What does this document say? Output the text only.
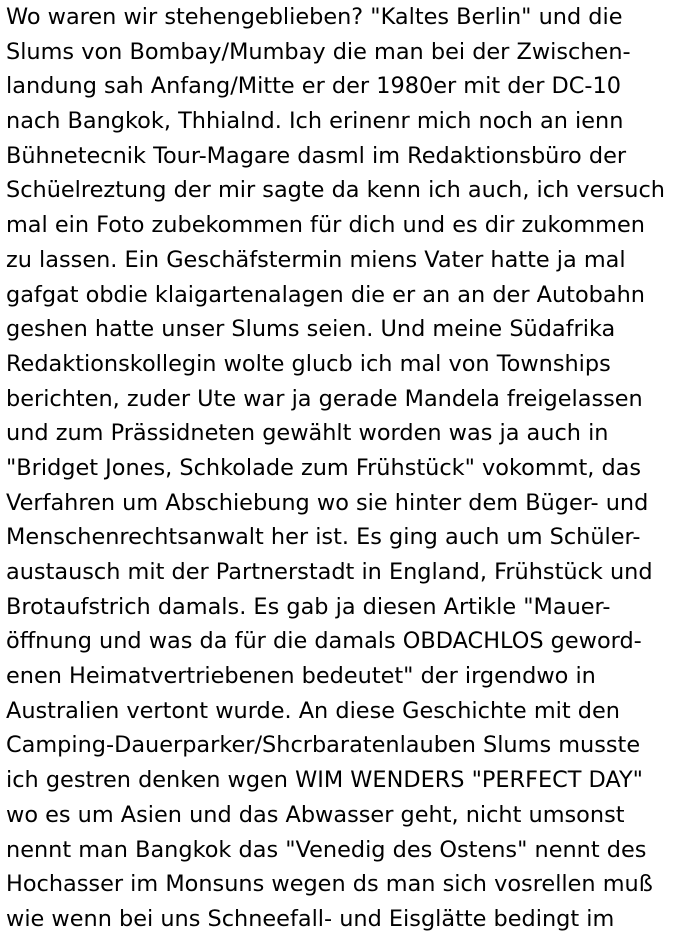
Wo waren wir stehengeblieben? "Kaltes Berlin" und die
Slums von Bombay/Mumbay die man bei der Zwischen-
landung sah Anfang/Mitte er der 1980er mit der DC-10
nach Bangkok, Thhialnd. Ich erinenr mich noch an ienn
Bühnetecnik Tour-Magare dasml im Redaktionsbüro der
Schüelreztung der mir sagte da kenn ich auch, ich versuch
mal ein Foto zubekommen für dich und es dir zukommen
zu lassen. Ein Geschäfstermin miens Vater hatte ja mal
gafgat obdie klaigartenalagen die er an an der Autobahn
geshen hatte unser Slums seien. Und meine Südafrika
Redaktionskollegin wolte glucb ich mal von Townships
berichten, zuder Ute war ja gerade Mandela freigelassen
und zum Prässidneten gewählt worden was ja auch in
"Bridget Jones, Schkolade zum Frühstück" vokommt, das
Verfahren um Abschiebung wo sie hinter dem Büger- und
Menschenrechtsanwalt her ist. Es ging auch um Schüler-
austausch mit der Partnerstadt in England, Frühstück und
Brotaufstrich damals. Es gab ja diesen Artikle "Mauer-
öffnung und was da für die damals OBDACHLOS geword-
enen Heimatvertriebenen bedeutet" der irgendwo in
Australien vertont wurde. An diese Geschichte mit den
Camping-Dauerparker/Shcrbaratenlauben Slums musste
ich gestren denken wgen WIM WENDERS "PERFECT DAY"
wo es um Asien und das Abwasser geht, nicht umsonst
nennt man Bangkok das "Venedig des Ostens" nennt des
Hochasser im Monsuns wegen ds man sich vosrellen muß
wie wenn bei uns Schneefall- und Eisglätte bedingt im
